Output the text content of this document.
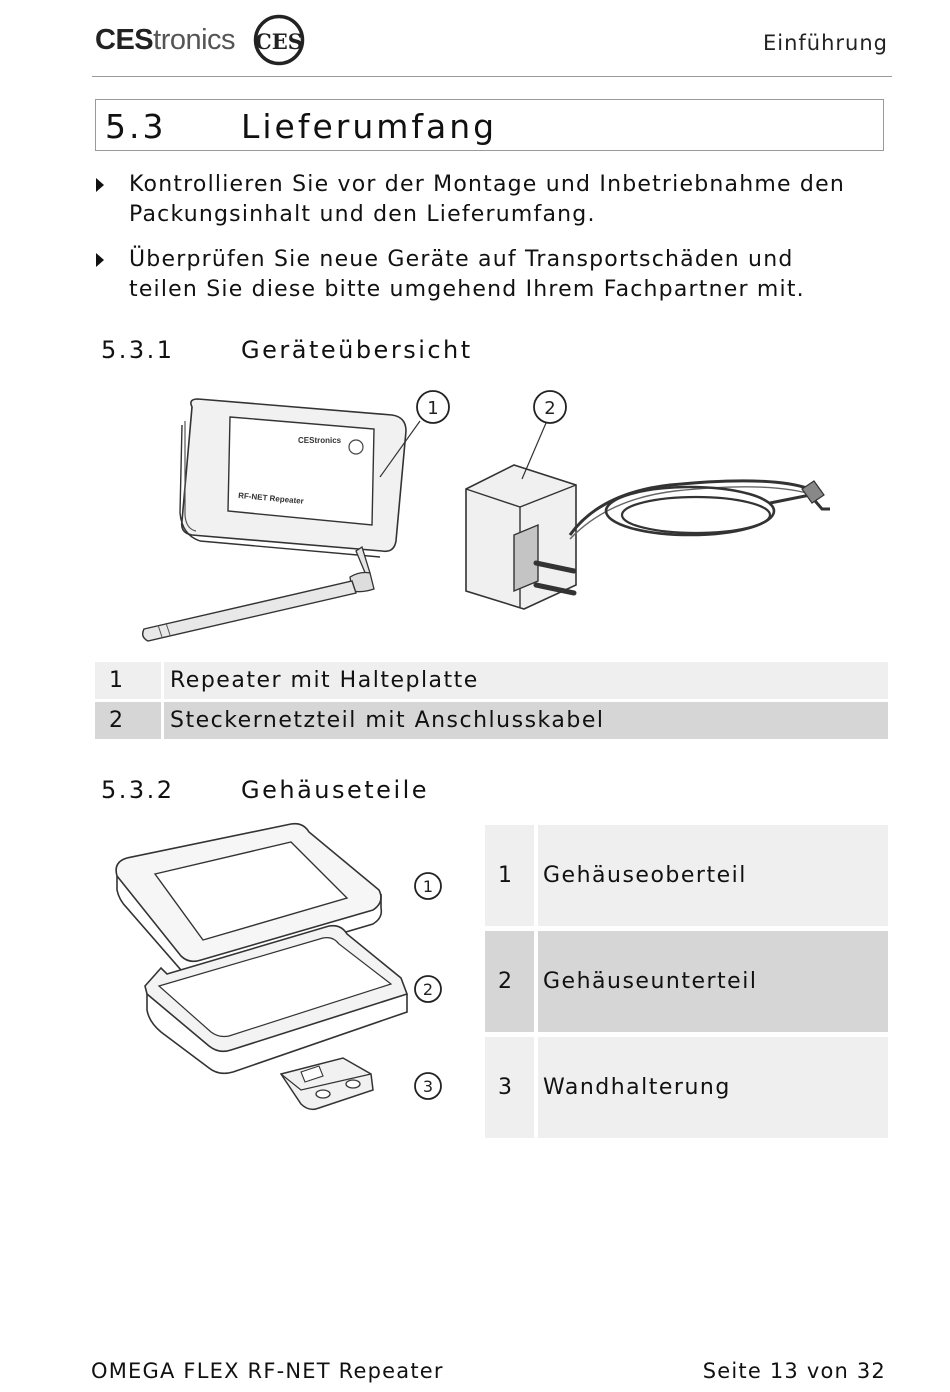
CEStronics CES	Einführung
5.3 Lieferumfang
Kontrollieren Sie vor der Montage und Inbetriebnahme den
Packungsinhalt und den Lieferumfang.
Überprüfen Sie neue Geräte auf Transportschäden und
teilen Sie diese bitte umgehend Ihrem Fachpartner mit.
5.3.1	Geräteübersicht
CEStronics
RF-NET Repeater
1	2
1	Repeater mit Halteplatte
2	Steckernetzteil mit Anschlusskabel
5.3.2	Gehäuseteile
1
2
3
1	Gehäuseoberteil
2	Gehäuseunterteil
3	Wandhalterung
OMEGA FLEX RF-NET Repeater	Seite 13 von 32
